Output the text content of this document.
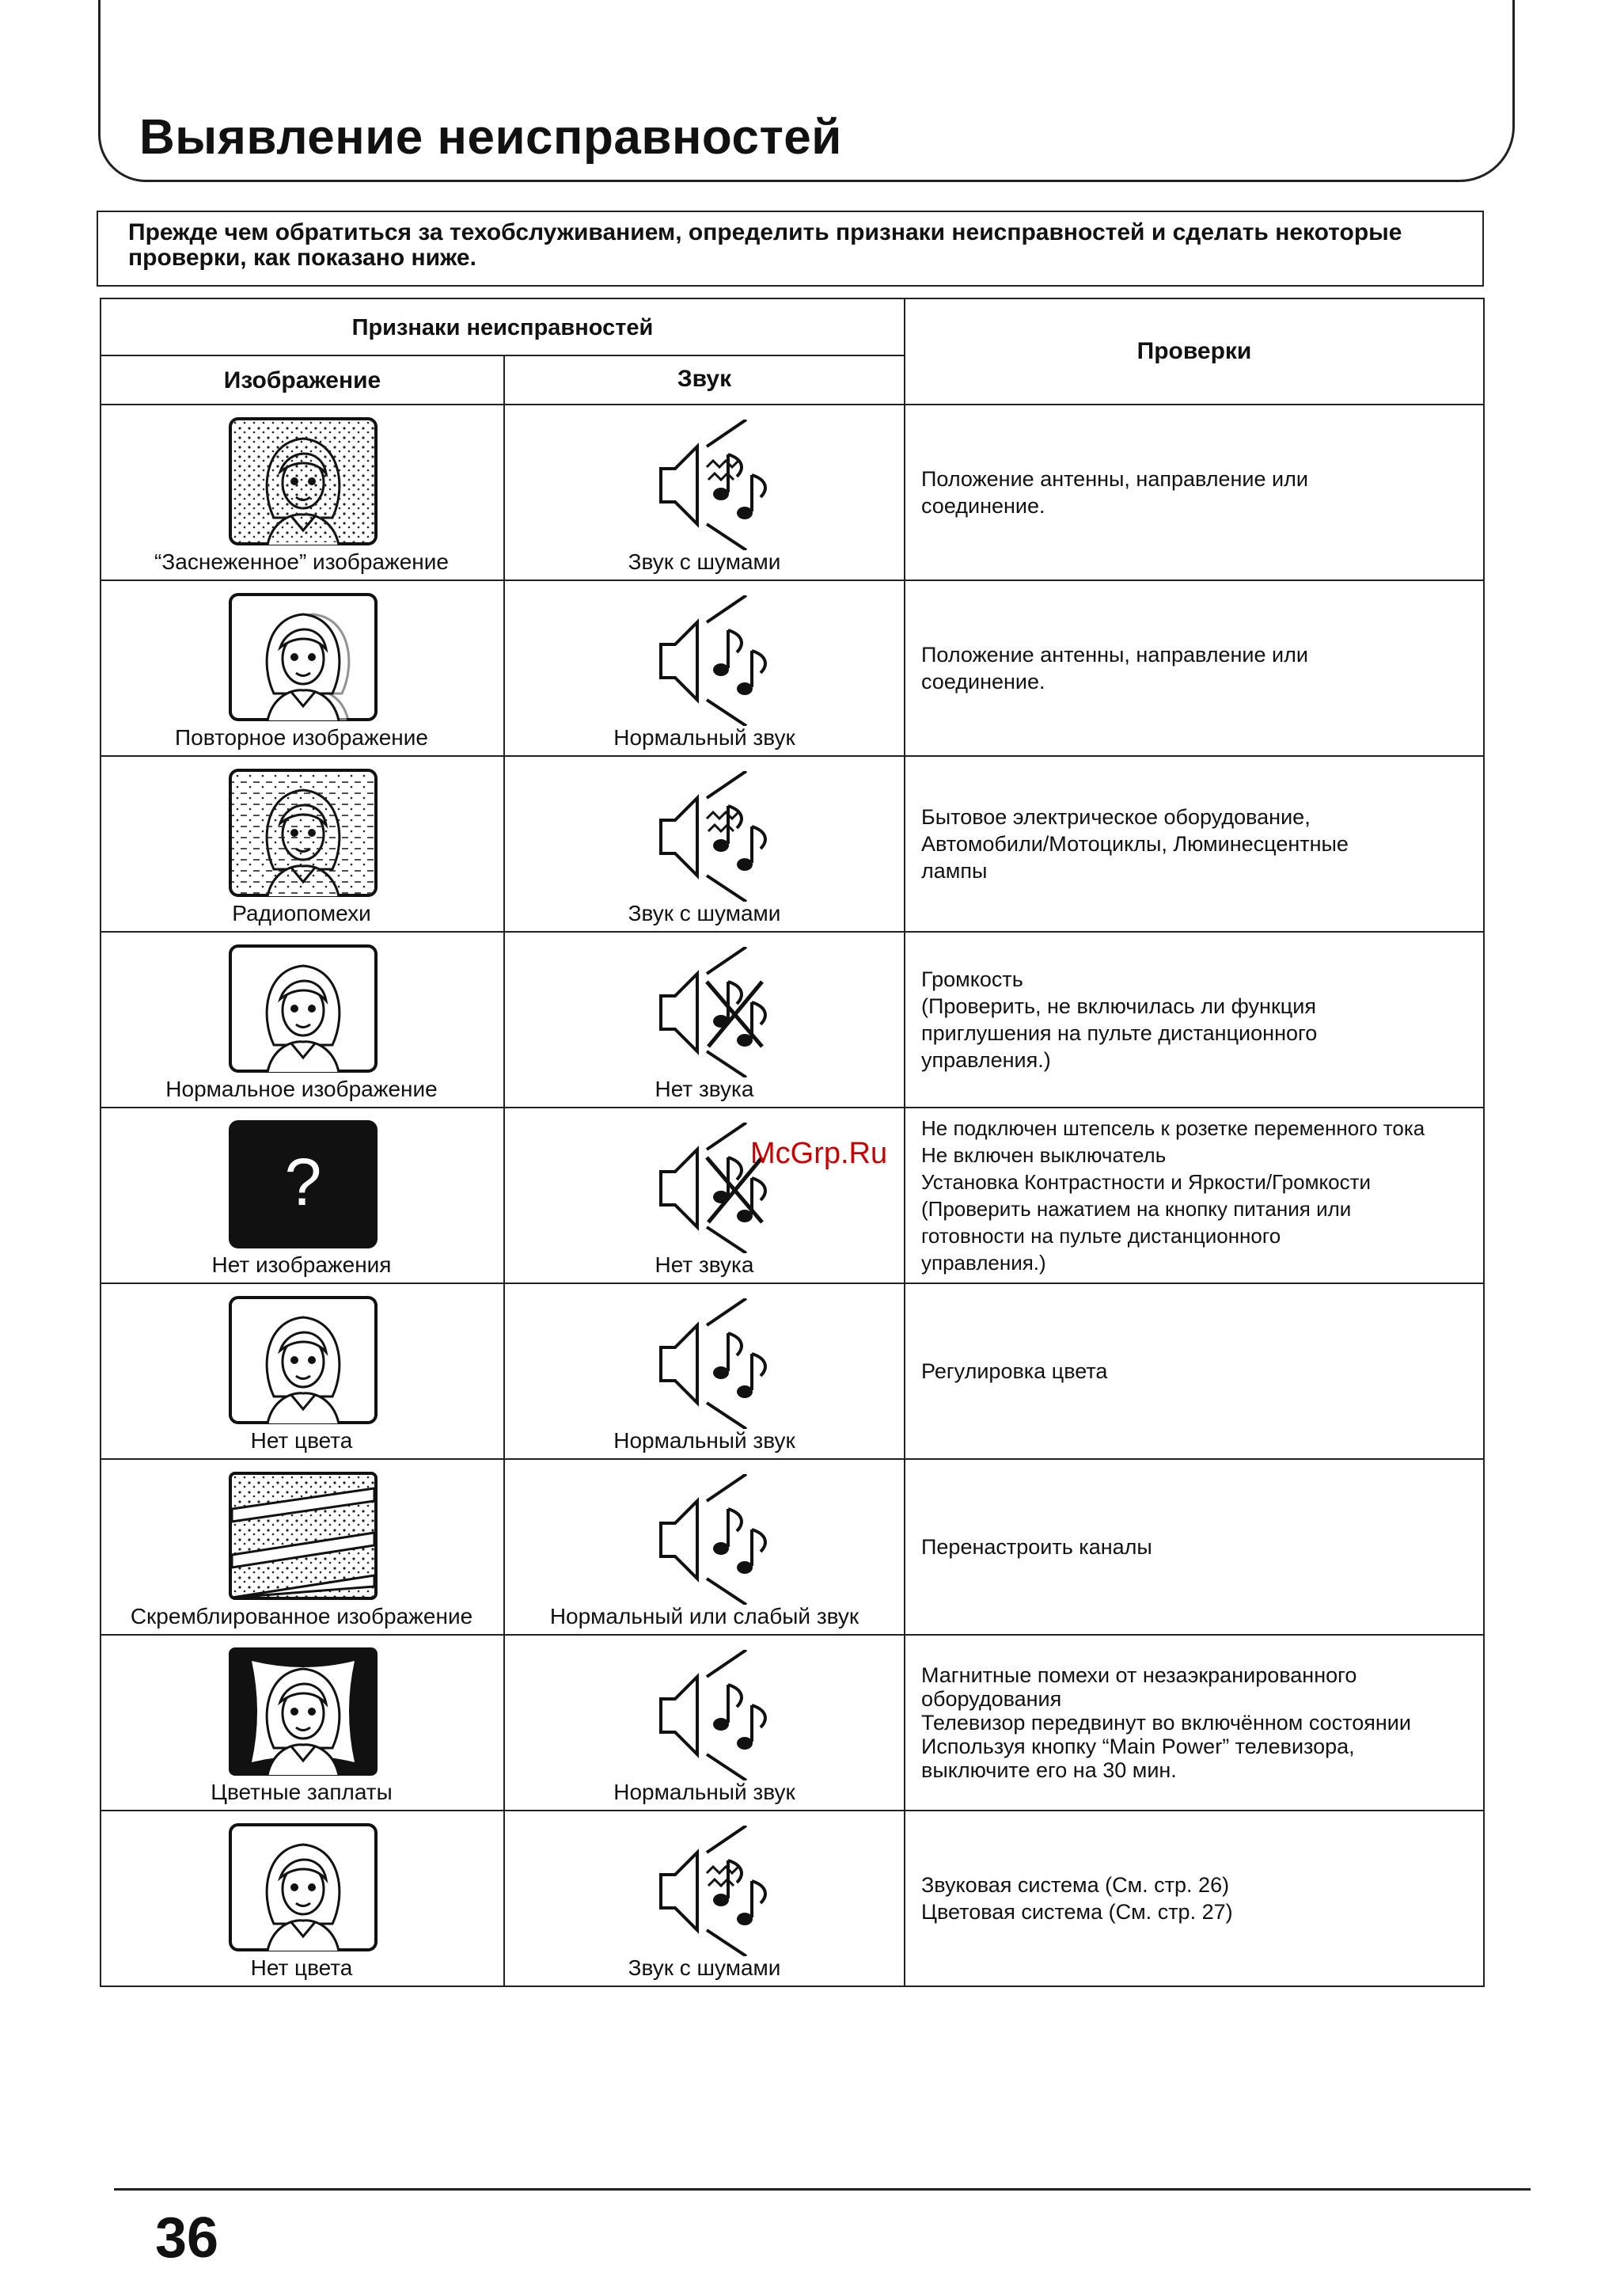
Выявление неисправностей
Прежде чем обратиться за техобслуживанием, определить признаки неисправностей и сделать некоторые проверки, как показано ниже.
Признаки неисправностей
Изображение	Звук
Проверки
“Заснеженное” изображение	Звук с шумами
Положение антенны, направление или
соединение.
Повторное изображение	Нормальный звук
Положение антенны, направление или
соединение.
Радиопомехи	Звук с шумами
Бытовое электрическое оборудование,
Автомобили/Мотоциклы, Люминесцентные
лампы
Нормальное изображение	Нет звука
Громкость
(Проверить, не включилась ли функция
приглушения на пульте дистанционного
управления.)
?
Нет изображения	Нет звука
Не подключен штепсель к розетке переменного тока
Не включен выключатель
Установка Контрастности и Яркости/Громкости
(Проверить нажатием на кнопку питания или
готовности на пульте дистанционного
управления.)
Нет цвета	Нормальный звук
Регулировка цвета
Скремблированное изображение	Нормальный или слабый звук
Перенастроить каналы
Цветные заплаты	Нормальный звук
Магнитные помехи от незаэкранированного
оборудования
Телевизор передвинут во включённом состоянии
Используя кнопку “Main Power” телевизора,
выключите его на 30 мин.
Нет цвета	Звук с шумами
Звуковая система (См. стр. 26)
Цветовая система (См. стр. 27)
McGrp.Ru
36
